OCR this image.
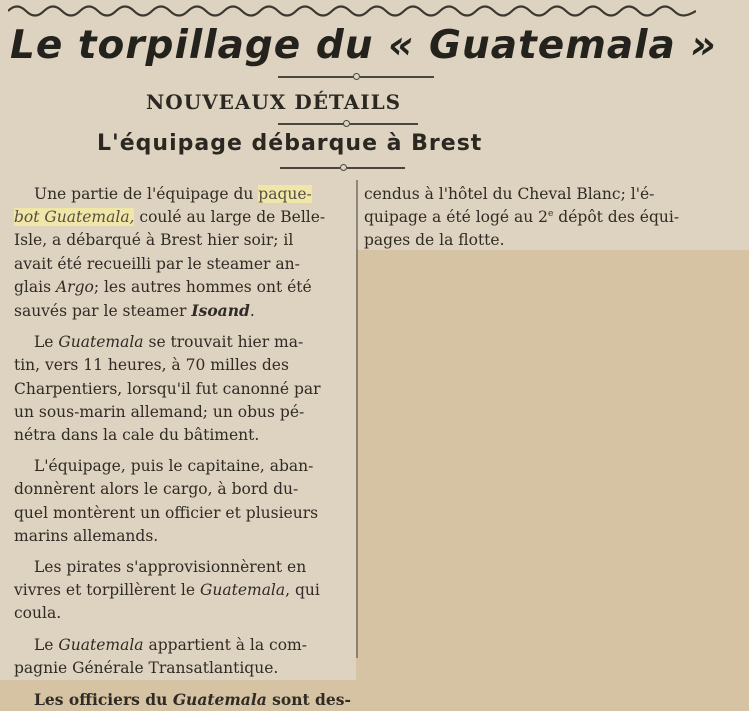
Le torpillage du « Guatemala »
NOUVEAUX DÉTAILS
L'équipage débarque à Brest
Une partie de l'équipage du paque-
bot Guatemala, coulé au large de Belle-
Isle, a débarqué à Brest hier soir; il
avait été recueilli par le steamer an-
glais Argo; les autres hommes ont été
sauvés par le steamer Isoand.
Le Guatemala se trouvait hier ma-
tin, vers 11 heures, à 70 milles des
Charpentiers, lorsqu'il fut canonné par
un sous-marin allemand; un obus pé-
nétra dans la cale du bâtiment.
L'équipage, puis le capitaine, aban-
donnèrent alors le cargo, à bord du-
quel montèrent un officier et plusieurs
marins allemands.
Les pirates s'approvisionnèrent en
vivres et torpillèrent le Guatemala, qui
coula.
Le Guatemala appartient à la com-
pagnie Générale Transatlantique.
Les officiers du Guatemala sont des-
cendus à l'hôtel du Cheval Blanc; l'é-
quipage a été logé au 2e dépôt des équi-
pages de la flotte.
